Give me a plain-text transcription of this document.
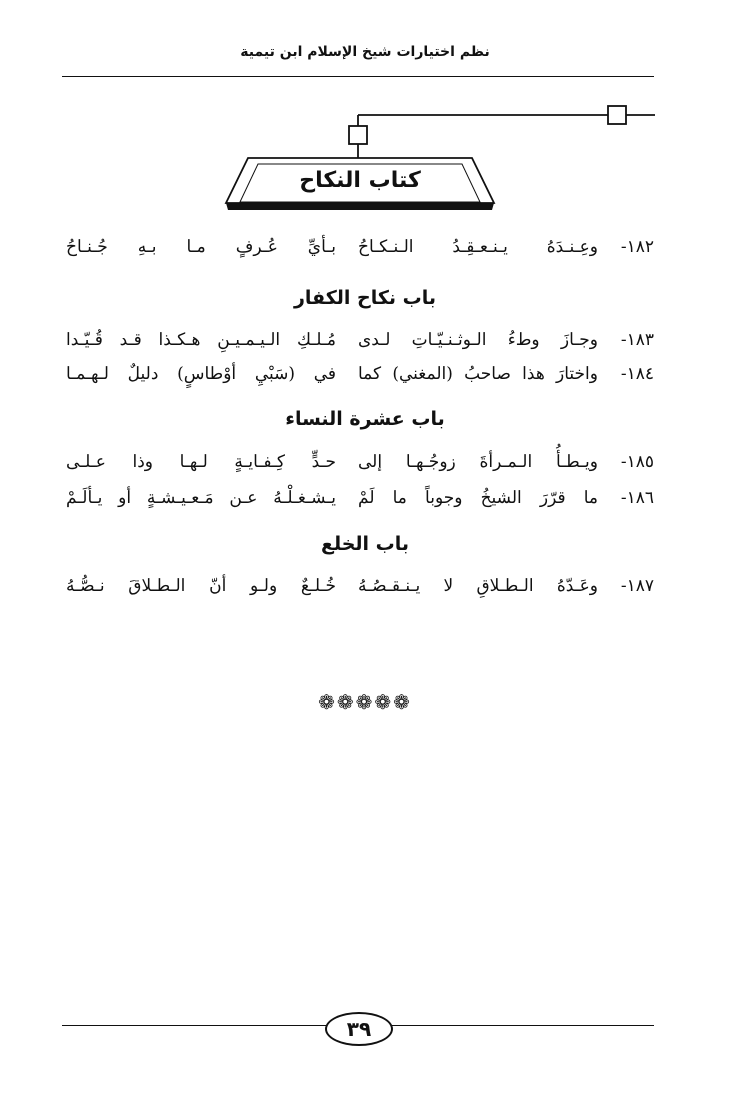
نظم اختيارات شيخ الإسلام ابن تيمية
كتاب النكاح
١٨٢-
وعِـنـدَهُ يـنـعـقِـدُ الـنـكـاحُ
بـأيِّ عُـرفٍ مـا بـهِ جُـنـاحُ
باب نكاح الكفار
١٨٣-
وجـازَ وطءُ الـوثـنـيّـاتِ لـدى
مُـلـكِ الـيـمـيـنِ هـكـذا قـد قُـيّـدا
١٨٤-
واختارَ هذا صاحبُ (المغني) كما
في (سَبْيِ أوْطاسٍ) دليلٌ لـهـمـا
باب عشرة النساء
١٨٥-
ويـطـأُ الـمـرأةَ زوجُـهـا إلى
حـدٍّ كِـفـايـةٍ لـهـا وذا عـلـى
١٨٦-
ما قرّرَ الشيخُ وجوباً ما لَمْ
يـشـغـلْـهُ عـن مَـعـيـشـةٍ أو يـألَـمْ
باب الخلع
١٨٧-
وعَـدّهُ الـطـلاقِ لا يـنـقـصُـهُ
خُـلـعٌ ولـو أنّ الـطـلاقَ نـصُّـهُ
❁❁❁❁❁
٣٩
